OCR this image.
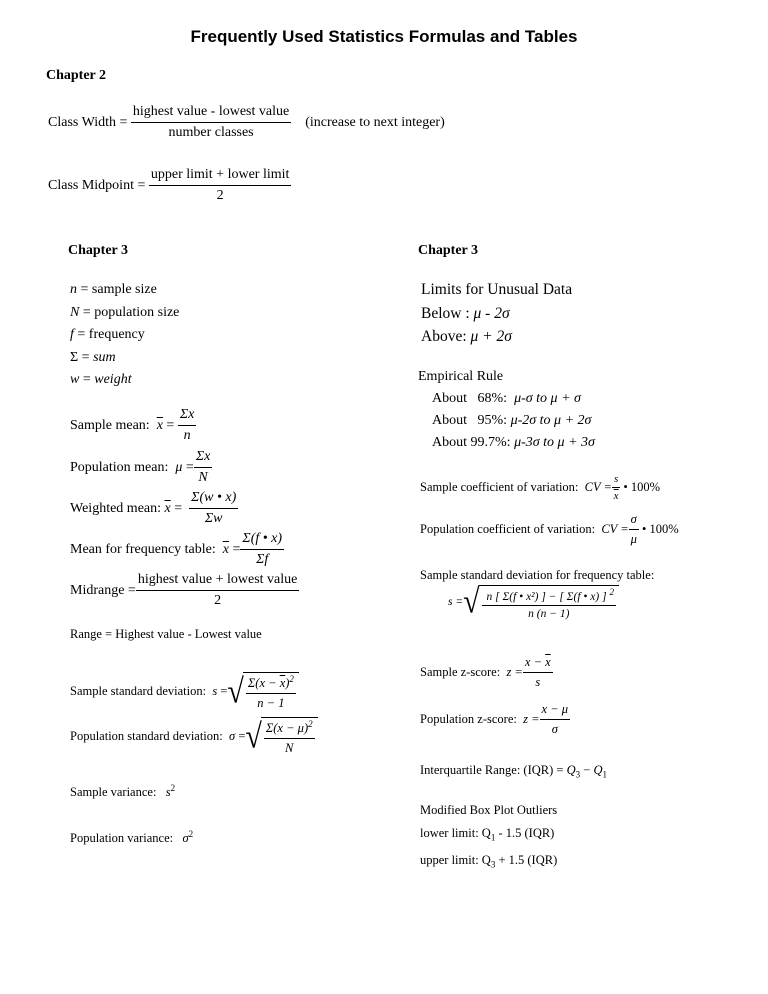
Frequently Used Statistics Formulas and Tables
Chapter 2
Class Width =
$\frac{\text{highest value - lowest value}}{\text{number classes}}$ (increase to next integer)
Class Midpoint =
$\frac{\text{upper limit + lower limit}}{2}$
Chapter 3
n = sample size
N = population size
f = frequency
Σ = sum
w = weight
Sample mean:
$\overline{x} = \frac{\Sigma x}{n}$
Population mean:
$\mu = \frac{\Sigma x}{N}$
Weighted mean:
$\overline{x} = \frac{\Sigma(w • x)}{\Sigma w}$
Mean for frequency table:
$\overline{x} = \frac{\Sigma(f • x)}{\Sigma f}$
Midrange = $\frac{\text{highest value + lowest value}}{2}$
Range = Highest value - Lowest value
Sample standard deviation:
s = √ $\frac{\Sigma(x - \overline{x})^2}{n - 1}$
Population standard deviation:
σ = √ $\frac{\Sigma(x - \mu)^2}{N}$
Sample variance: $s^2$
Population variance: $\sigma^2$
Chapter 3
Limits for Unusual Data
Below : μ - 2σ
Above: μ + 2σ
Empirical Rule
About   68%: μ-σ to μ + σ
About   95%: μ-2σ to μ + 2σ
About 99.7%: μ-3σ to μ + 3σ
Sample coefficient of variation:
CV = $\frac{s}{x}$
• 100%
Population coefficient of variation:
CV = $\frac{\sigma}{\mu}$
• 100%
Sample standard deviation for frequency table:
s = √ $\frac{n [ \Sigma(f • x^2) ] - [ \Sigma(f • x) ] ^2}{n (n - 1)}$
Sample z-score:
$z = \frac{x - \overline{x}}{s}$
Population z-score:
$z = \frac{x - \mu}{\sigma}$
Interquartile Range: $(IQR) = Q_3 - Q_1$
Modified Box Plot Outliers
lower limit: $Q_1 - 1.5$ (IQR)
upper limit: $Q_3 + 1.5$ (IQR)
